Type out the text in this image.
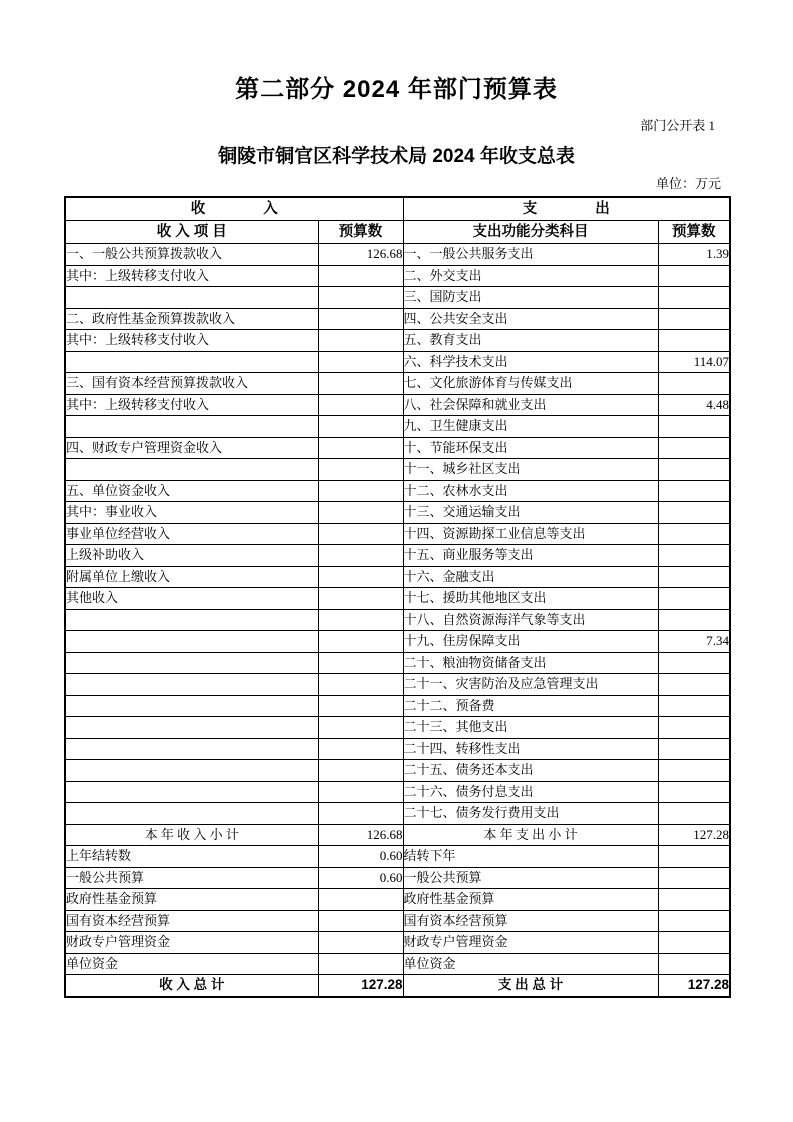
第二部分 2024 年部门预算表
部门公开表 1
铜陵市铜官区科学技术局 2024 年收支总表
单位：万元
收　　　　入		支　　　　出	
收 入 项 目	预算数	支出功能分类科目	预算数
一、一般公共预算拨款收入	126.68	一、一般公共服务支出	1.39
其中：上级转移支付收入		二、外交支出	
		三、国防支出	
二、政府性基金预算拨款收入		四、公共安全支出	
其中：上级转移支付收入		五、教育支出	
		六、科学技术支出	114.07
三、国有资本经营预算拨款收入		七、文化旅游体育与传媒支出	
其中：上级转移支付收入		八、社会保障和就业支出	4.48
		九、卫生健康支出	
四、财政专户管理资金收入		十、节能环保支出	
		十一、城乡社区支出	
五、单位资金收入		十二、农林水支出	
其中：事业收入		十三、交通运输支出	
事业单位经营收入		十四、资源勘探工业信息等支出	
上级补助收入		十五、商业服务等支出	
附属单位上缴收入		十六、金融支出	
其他收入		十七、援助其他地区支出	
		十八、自然资源海洋气象等支出	
		十九、住房保障支出	7.34
		二十、粮油物资储备支出	
		二十一、灾害防治及应急管理支出	
		二十二、预备费	
		二十三、其他支出	
		二十四、转移性支出	
		二十五、债务还本支出	
		二十六、债务付息支出	
		二十七、债务发行费用支出	
本 年 收 入 小 计	126.68	本 年 支 出 小 计	127.28
上年结转数	0.60	结转下年	
一般公共预算	0.60	一般公共预算	
政府性基金预算		政府性基金预算	
国有资本经营预算		国有资本经营预算	
财政专户管理资金		财政专户管理资金	
单位资金		单位资金	
收 入 总 计	127.28	支 出 总 计	127.28
